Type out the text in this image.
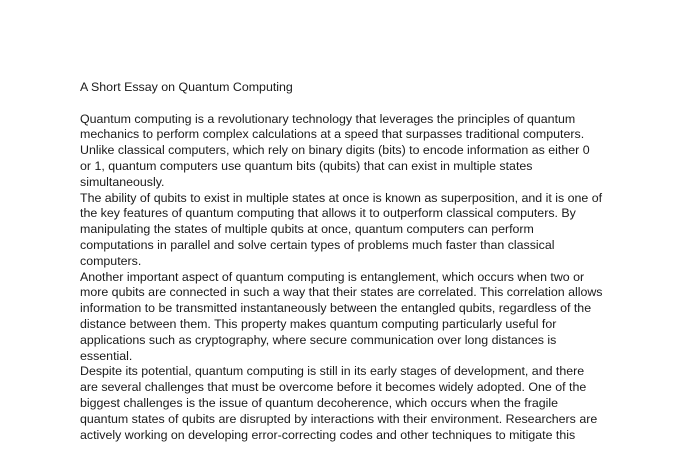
A Short Essay on Quantum Computing

Quantum computing is a revolutionary technology that leverages the principles of quantum mechanics to perform complex calculations at a speed that surpasses traditional computers. Unlike classical computers, which rely on binary digits (bits) to encode information as either 0 or 1, quantum computers use quantum bits (qubits) that can exist in multiple states simultaneously.

The ability of qubits to exist in multiple states at once is known as superposition, and it is one of the key features of quantum computing that allows it to outperform classical computers. By manipulating the states of multiple qubits at once, quantum computers can perform computations in parallel and solve certain types of problems much faster than classical computers.

Another important aspect of quantum computing is entanglement, which occurs when two or more qubits are connected in such a way that their states are correlated. This correlation allows information to be transmitted instantaneously between the entangled qubits, regardless of the distance between them. This property makes quantum computing particularly useful for applications such as cryptography, where secure communication over long distances is essential.

Despite its potential, quantum computing is still in its early stages of development, and there are several challenges that must be overcome before it becomes widely adopted. One of the biggest challenges is the issue of quantum decoherence, which occurs when the fragile quantum states of qubits are disrupted by interactions with their environment. Researchers are actively working on developing error-correcting codes and other techniques to mitigate this
